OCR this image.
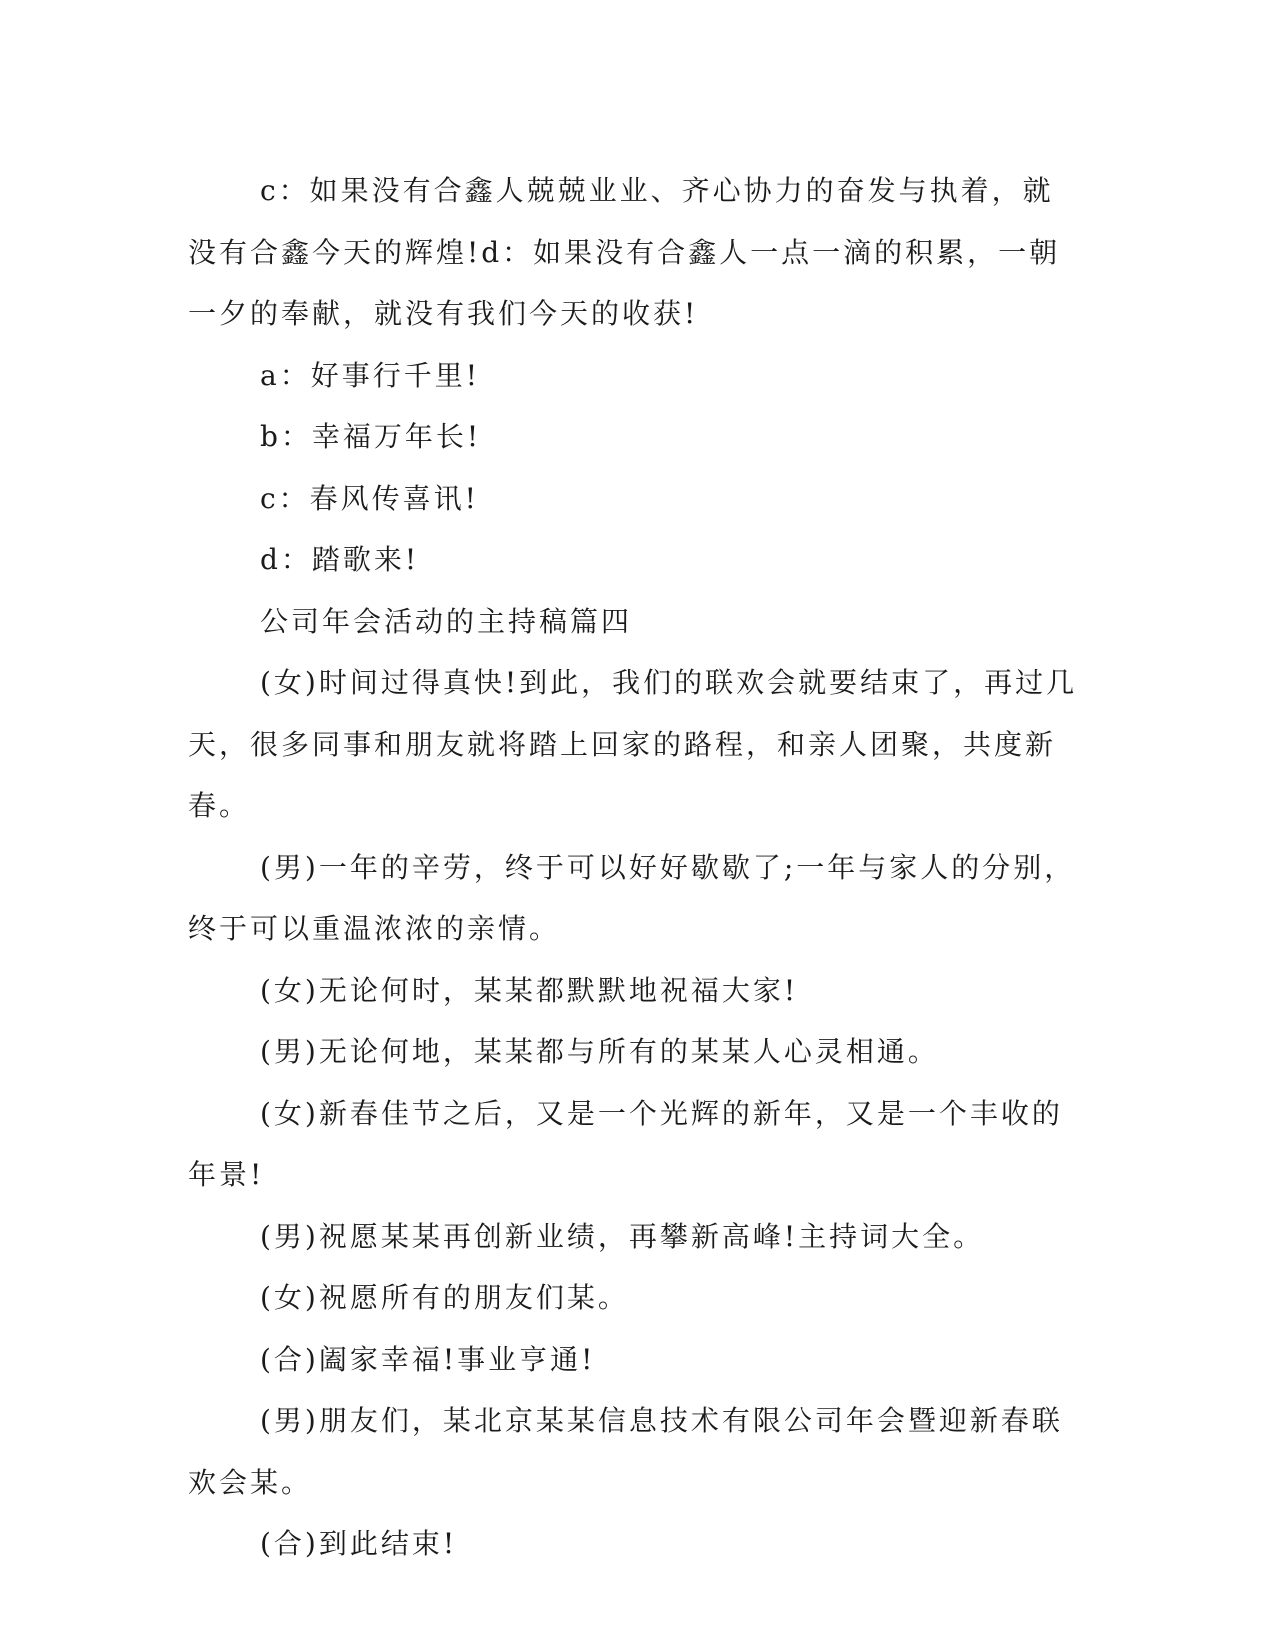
c：如果没有合鑫人兢兢业业、齐心协力的奋发与执着，就没有合鑫今天的辉煌!d：如果没有合鑫人一点一滴的积累，一朝一夕的奉献，就没有我们今天的收获!

a：好事行千里!

b：幸福万年长!

c：春风传喜讯!

d：踏歌来!

公司年会活动的主持稿篇四

(女)时间过得真快!到此，我们的联欢会就要结束了，再过几天，很多同事和朋友就将踏上回家的路程，和亲人团聚，共度新春。

(男)一年的辛劳，终于可以好好歇歇了;一年与家人的分别，终于可以重温浓浓的亲情。

(女)无论何时，某某都默默地祝福大家!

(男)无论何地，某某都与所有的某某人心灵相通。

(女)新春佳节之后，又是一个光辉的新年，又是一个丰收的年景!

(男)祝愿某某再创新业绩，再攀新高峰!主持词大全。

(女)祝愿所有的朋友们某。

(合)阖家幸福!事业亨通!

(男)朋友们，某北京某某信息技术有限公司年会暨迎新春联欢会某。

(合)到此结束!
